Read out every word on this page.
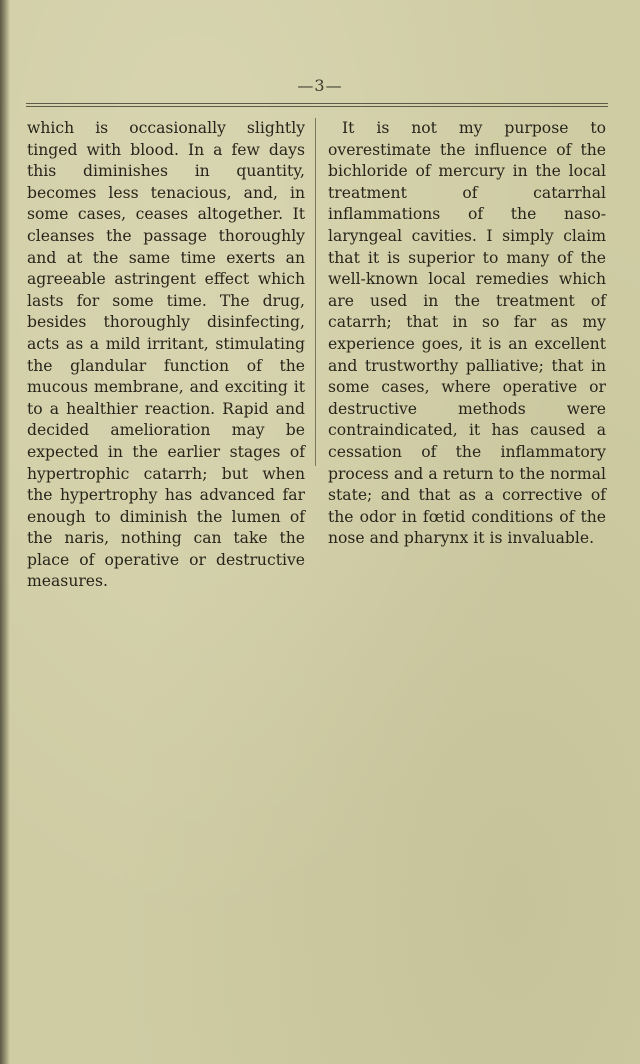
—3—

which is occasionally slightly tinged with blood. In a few days this diminishes in quantity, becomes less tenacious, and, in some cases, ceases altogether. It cleanses the passage thoroughly and at the same time exerts an agreeable astringent effect which lasts for some time. The drug, besides thoroughly disinfecting, acts as a mild irritant, stimulating the glandular function of the mucous membrane, and exciting it to a healthier reaction. Rapid and decided amelioration may be expected in the earlier stages of hypertrophic catarrh; but when the hypertrophy has advanced far enough to diminish the lumen of the naris, nothing can take the place of operative or destructive measures.

It is not my purpose to overestimate the influence of the bichloride of mercury in the local treatment of catarrhal inflammations of the naso-laryngeal cavities. I simply claim that it is superior to many of the well-known local remedies which are used in the treatment of catarrh; that in so far as my experience goes, it is an excellent and trustworthy palliative; that in some cases, where operative or destructive methods were contraindicated, it has caused a cessation of the inflammatory process and a return to the normal state; and that as a corrective of the odor in fœtid conditions of the nose and pharynx it is invaluable.
